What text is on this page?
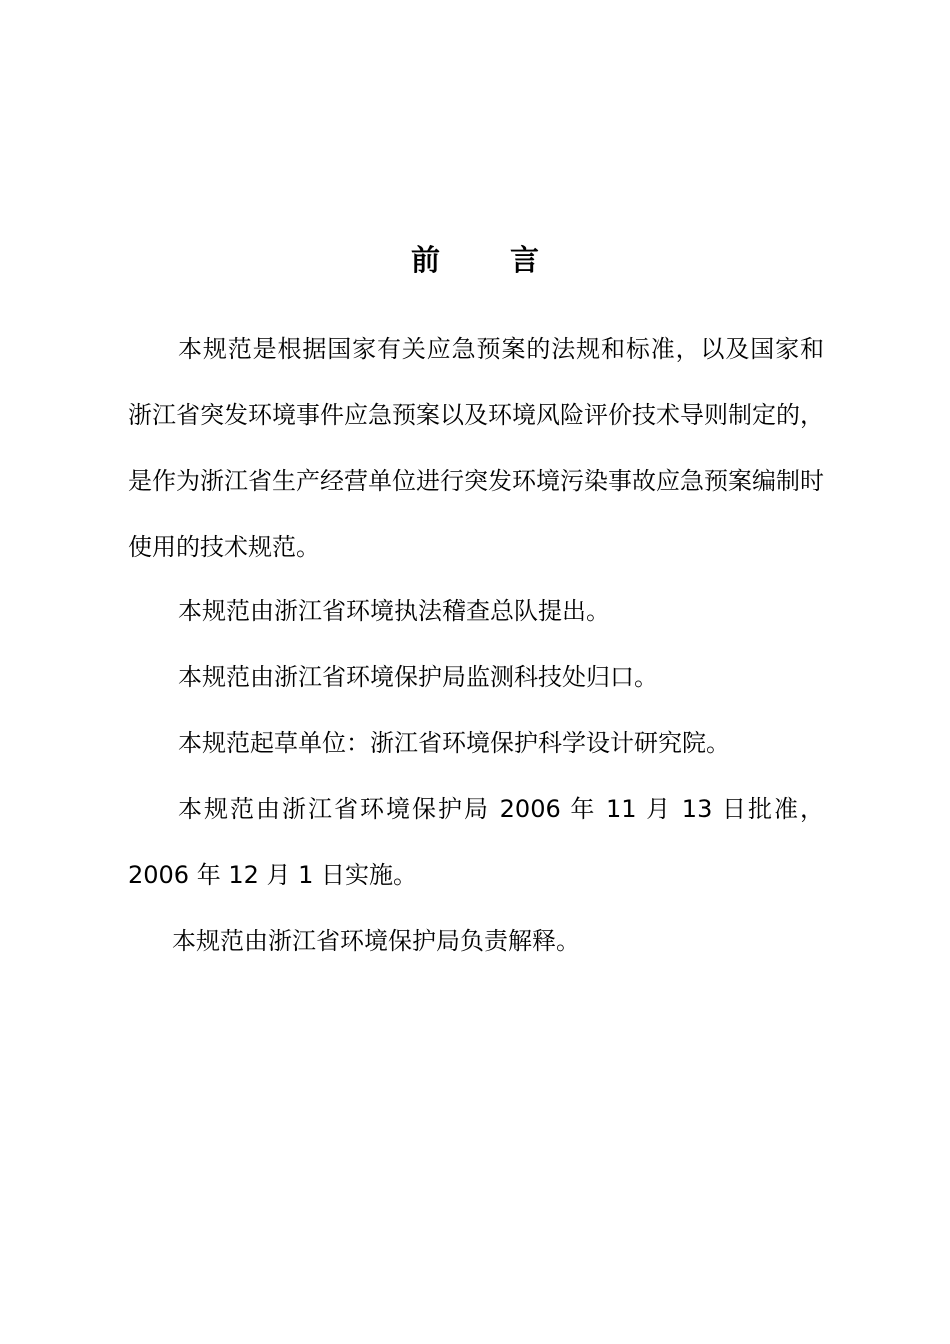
前 言

本规范是根据国家有关应急预案的法规和标准，以及国家和浙江省突发环境事件应急预案以及环境风险评价技术导则制定的，是作为浙江省生产经营单位进行突发环境污染事故应急预案编制时使用的技术规范。

本规范由浙江省环境执法稽查总队提出。

本规范由浙江省环境保护局监测科技处归口。

本规范起草单位：浙江省环境保护科学设计研究院。

本规范由浙江省环境保护局 2006 年 11 月 13 日批准，2006 年 12 月 1 日实施。

本规范由浙江省环境保护局负责解释。
